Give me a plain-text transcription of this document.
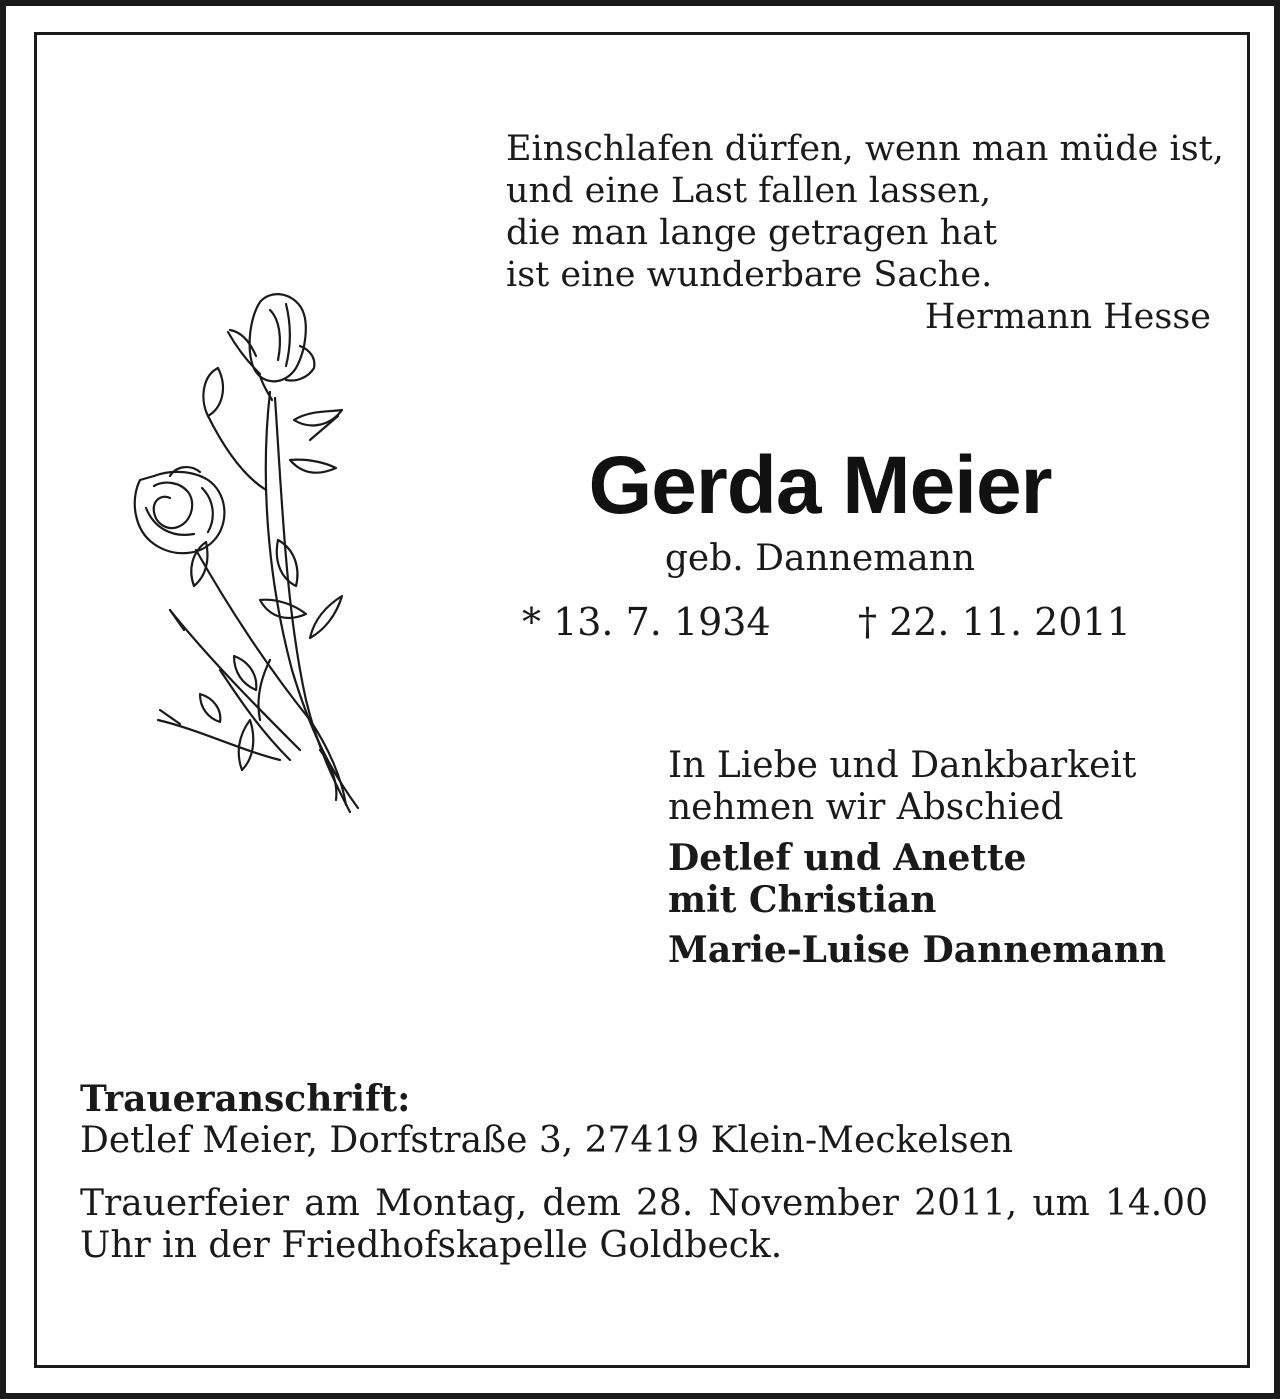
Einschlafen dürfen, wenn man müde ist,
und eine Last fallen lassen,
die man lange getragen hat
ist eine wunderbare Sache.
Hermann Hesse
Gerda Meier
geb. Dannemann
* 13. 7. 1934 † 22. 11. 2011
In Liebe und Dankbarkeit
nehmen wir Abschied
Detlef und Anette
mit Christian
Marie-Luise Dannemann
Traueranschrift:
Detlef Meier, Dorfstraße 3, 27419 Klein-Meckelsen
Trauerfeier am Montag, dem 28. November 2011, um 14.00 Uhr in der Friedhofskapelle Goldbeck.
